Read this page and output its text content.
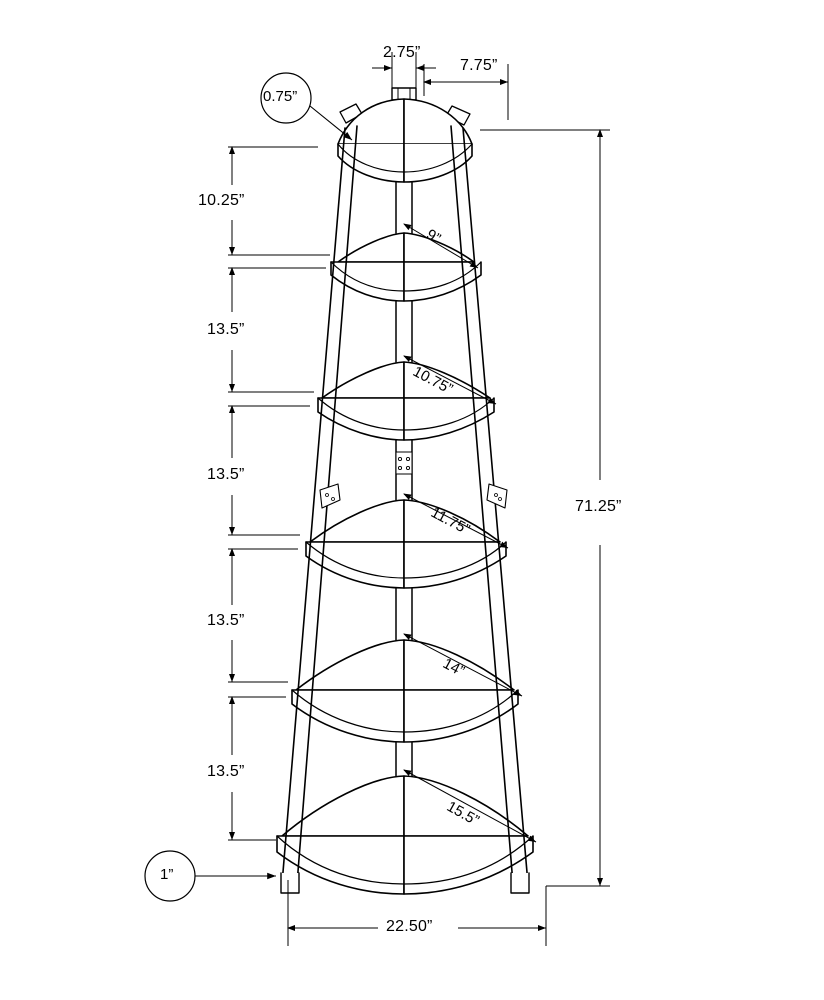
2.75”
7.75”
0.75”
10.25”
13.5”
13.5”
13.5”
13.5”
9”
10.75”
11.75”
14”
15.5”
1”
71.25”
22.50”
